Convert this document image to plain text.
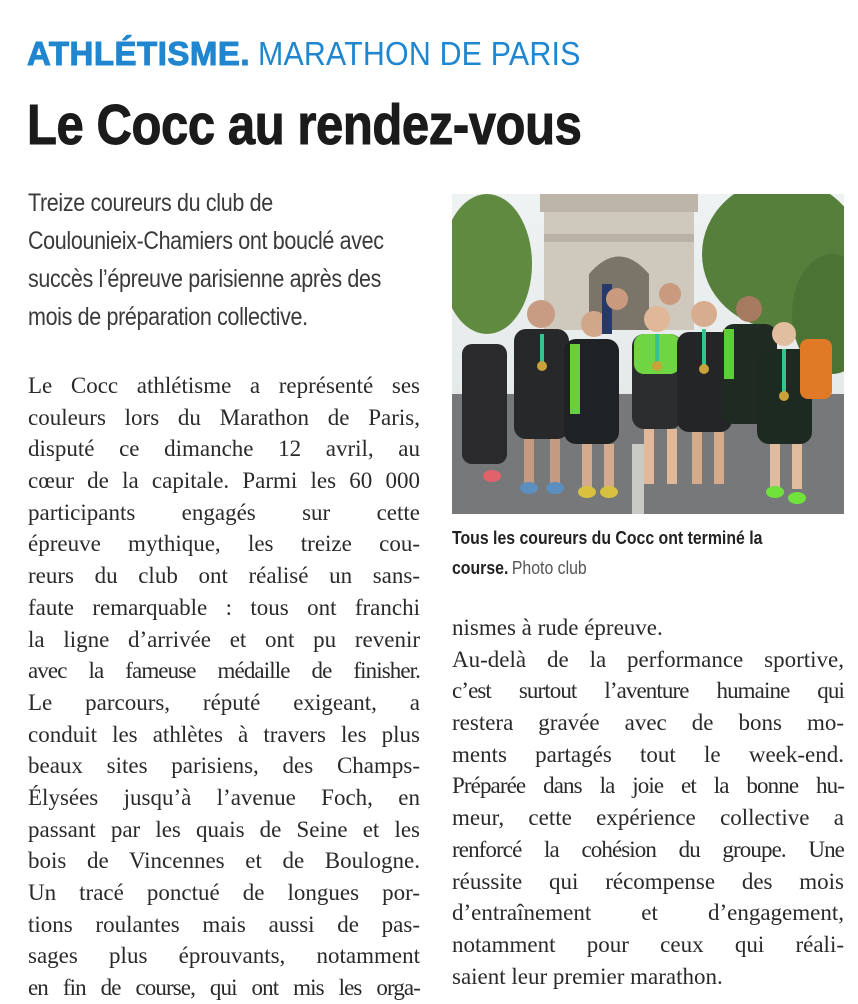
ATHLÉTISME. MARATHON DE PARIS
Le Cocc au rendez-vous
Treize coureurs du club de
Coulounieix-Chamiers ont bouclé avec
succès l’épreuve parisienne après des
mois de préparation collective.
Le Cocc athlétisme a représenté ses
couleurs lors du Marathon de Paris,
disputé ce dimanche 12 avril, au
cœur de la capitale. Parmi les 60 000
participants engagés sur cette
épreuve mythique, les treize cou-
reurs du club ont réalisé un sans-
faute remarquable : tous ont franchi
la ligne d’arrivée et ont pu revenir
avec la fameuse médaille de finisher.
Le parcours, réputé exigeant, a
conduit les athlètes à travers les plus
beaux sites parisiens, des Champs-
Élysées jusqu’à l’avenue Foch, en
passant par les quais de Seine et les
bois de Vincennes et de Boulogne.
Un tracé ponctué de longues por-
tions roulantes mais aussi de pas-
sages plus éprouvants, notamment
en fin de course, qui ont mis les orga-
Tous les coureurs du Cocc ont terminé la
course. Photo club
nismes à rude épreuve.
Au-delà de la performance sportive,
c’est surtout l’aventure humaine qui
restera gravée avec de bons mo-
ments partagés tout le week-end.
Préparée dans la joie et la bonne hu-
meur, cette expérience collective a
renforcé la cohésion du groupe. Une
réussite qui récompense des mois
d’entraînement et d’engagement,
notamment pour ceux qui réali-
saient leur premier marathon.
